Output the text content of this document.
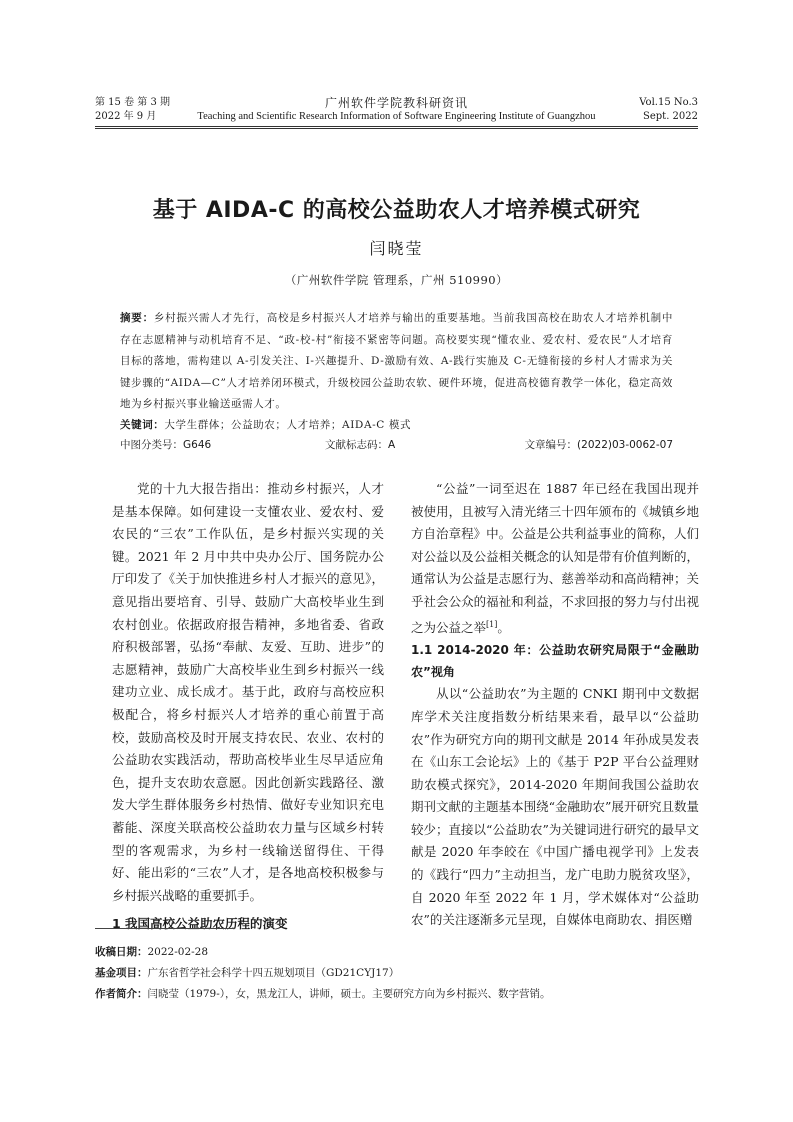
第 15 卷 第 3 期
2022 年 9 月
广州软件学院教科研资讯
Teaching and Scientific Research Information of Software Engineering Institute of Guangzhou
Vol.15 No.3
Sept. 2022
基于 AIDA-C 的高校公益助农人才培养模式研究
闫晓莹
（广州软件学院 管理系，广州 510990）
摘要：乡村振兴需人才先行，高校是乡村振兴人才培养与输出的重要基地。当前我国高校在助农人才培养机制中存在志愿精神与动机培育不足、“政-校-村”衔接不紧密等问题。高校要实现“懂农业、爱农村、爱农民”人才培育目标的落地，需构建以 A-引发关注、I-兴趣提升、D-激励有效、A-践行实施及 C-无缝衔接的乡村人才需求为关键步骤的“AIDA—C”人才培养闭环模式，升级校园公益助农软、硬件环境，促进高校德育教学一体化，稳定高效地为乡村振兴事业输送亟需人才。
关键词：大学生群体；公益助农；人才培养；AIDA-C 模式
中图分类号：G646	文献标志码：A	文章编号：(2022)03-0062-07

党的十九大报告指出：推动乡村振兴，人才是基本保障。如何建设一支懂农业、爱农村、爱农民的“三农”工作队伍，是乡村振兴实现的关键。2021 年 2 月中共中央办公厅、国务院办公厅印发了《关于加快推进乡村人才振兴的意见》，意见指出要培育、引导、鼓励广大高校毕业生到农村创业。依据政府报告精神，多地省委、省政府积极部署，弘扬“奉献、友爱、互助、进步”的志愿精神，鼓励广大高校毕业生到乡村振兴一线建功立业、成长成才。基于此，政府与高校应积极配合，将乡村振兴人才培养的重心前置于高校，鼓励高校及时开展支持农民、农业、农村的公益助农实践活动，帮助高校毕业生尽早适应角色，提升支农助农意愿。因此创新实践路径、激发大学生群体服务乡村热情、做好专业知识充电蓄能、深度关联高校公益助农力量与区域乡村转型的客观需求，为乡村一线输送留得住、干得好、能出彩的“三农”人才，是各地高校积极参与乡村振兴战略的重要抓手。

1 我国高校公益助农历程的演变

“公益”一词至迟在 1887 年已经在我国出现并被使用，且被写入清光绪三十四年颁布的《城镇乡地方自治章程》中。公益是公共利益事业的简称，人们对公益以及公益相关概念的认知是带有价值判断的，通常认为公益是志愿行为、慈善举动和高尚精神；关乎社会公众的福祉和利益，不求回报的努力与付出视之为公益之举[1]。

1.1 2014-2020 年：公益助农研究局限于“金融助农”视角

从以“公益助农”为主题的 CNKI 期刊中文数据库学术关注度指数分析结果来看，最早以“公益助农”作为研究方向的期刊文献是 2014 年孙成昊发表在《山东工会论坛》上的《基于 P2P 平台公益理财助农模式探究》，2014-2020 年期间我国公益助农期刊文献的主题基本围绕“金融助农”展开研究且数量较少；直接以“公益助农”为关键词进行研究的最早文献是 2020 年李皎在《中国广播电视学刊》上发表的《践行“四力”主动担当，龙广电助力脱贫攻坚》，自 2020 年至 2022 年 1 月，学术媒体对“公益助农”的关注逐渐多元呈现，自媒体电商助农、捐医赠

收稿日期：2022-02-28
基金项目：广东省哲学社会科学十四五规划项目（GD21CYJ17）
作者简介：闫晓莹（1979-），女，黑龙江人，讲师，硕士。主要研究方向为乡村振兴、数字营销。
